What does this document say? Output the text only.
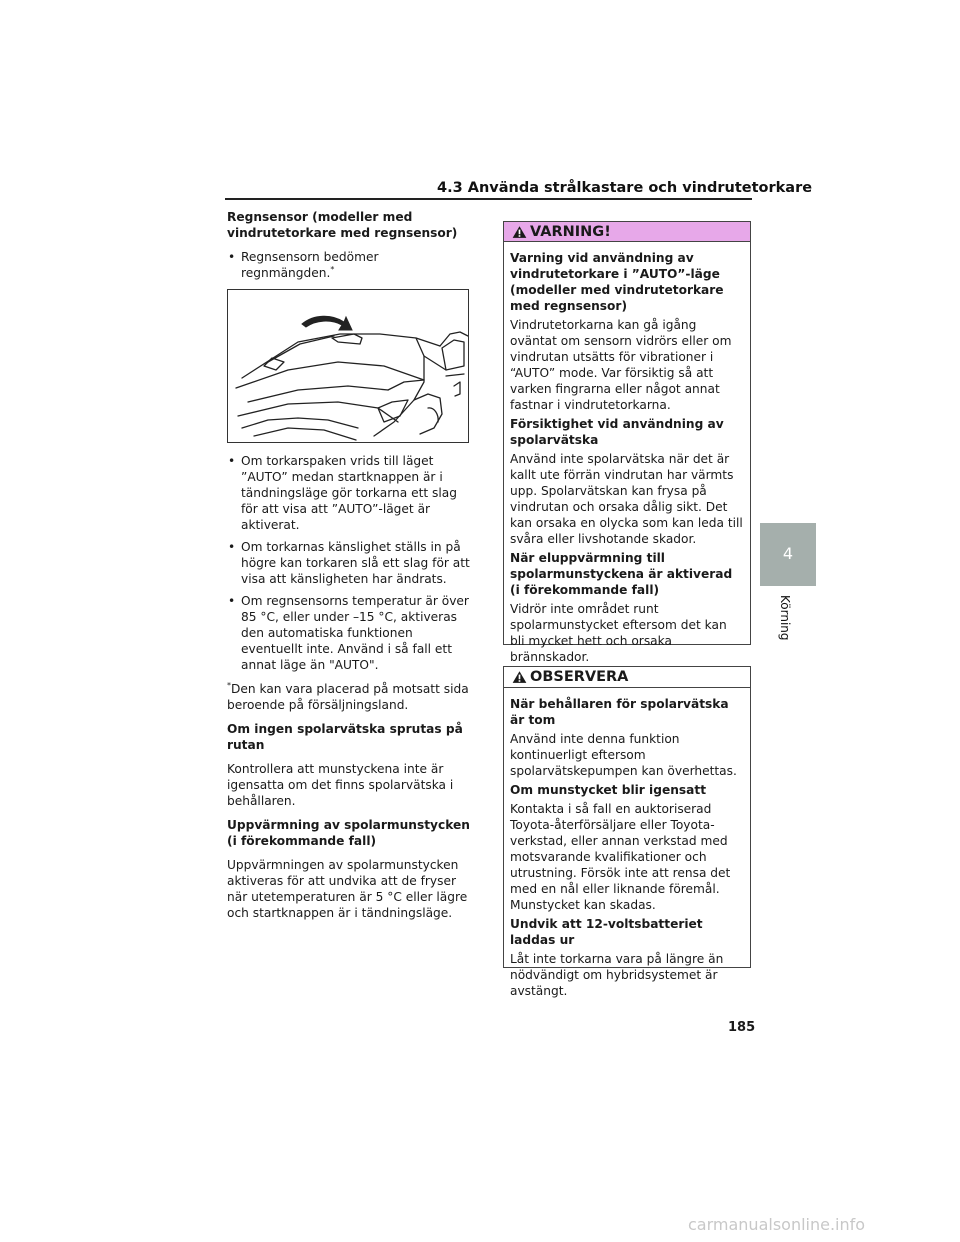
4.3 Använda strålkastare och vindrutetorkare
Regnsensor (modeller med vindrutetorkare med regnsensor)
• Regnsensorn bedömer regnmängden.*
• Om torkarspaken vrids till läget ”AUTO” medan startknappen är i tändningsläge gör torkarna ett slag för att visa att ”AUTO”-läget är aktiverat.
• Om torkarnas känslighet ställs in på högre kan torkaren slå ett slag för att visa att känsligheten har ändrats.
• Om regnsensorns temperatur är över 85 °C, eller under –15 °C, aktiveras den automatiska funktionen eventuellt inte. Använd i så fall ett annat läge än "AUTO".

*Den kan vara placerad på motsatt sida beroende på försäljningsland.

Om ingen spolarvätska sprutas på rutan

Kontrollera att munstyckena inte är igensatta om det finns spolarvätska i behållaren.

Uppvärmning av spolarmunstycken (i förekommande fall)

Uppvärmningen av spolarmunstycken aktiveras för att undvika att de fryser när utetemperaturen är 5 °C eller lägre och startknappen är i tändningsläge.

VARNING!
Varning vid användning av vindrutetorkare i ”AUTO”-läge (modeller med vindrutetorkare med regnsensor)

Vindrutetorkarna kan gå igång oväntat om sensorn vidrörs eller om vindrutan utsätts för vibrationer i “AUTO” mode. Var försiktig så att varken fingrarna eller något annat fastnar i vindrutetorkarna.

Försiktighet vid användning av spolarvätska

Använd inte spolarvätska när det är kallt ute förrän vindrutan har värmts upp. Spolarvätskan kan frysa på vindrutan och orsaka dålig sikt. Det kan orsaka en olycka som kan leda till svåra eller livshotande skador.

När eluppvärmning till spolarmunstyckena är aktiverad (i förekommande fall)

Vidrör inte området runt spolarmunstycket eftersom det kan bli mycket hett och orsaka brännskador.

OBSERVERA
När behållaren för spolarvätska är tom

Använd inte denna funktion kontinuerligt eftersom spolarvätskepumpen kan överhettas.

Om munstycket blir igensatt

Kontakta i så fall en auktoriserad Toyota-återförsäljare eller Toyota-verkstad, eller annan verkstad med motsvarande kvalifikationer och utrustning. Försök inte att rensa det med en nål eller liknande föremål. Munstycket kan skadas.

Undvik att 12-voltsbatteriet laddas ur

Låt inte torkarna vara på längre än nödvändigt om hybridsystemet är avstängt.

4
Körning
185
carmanualsonline.info
